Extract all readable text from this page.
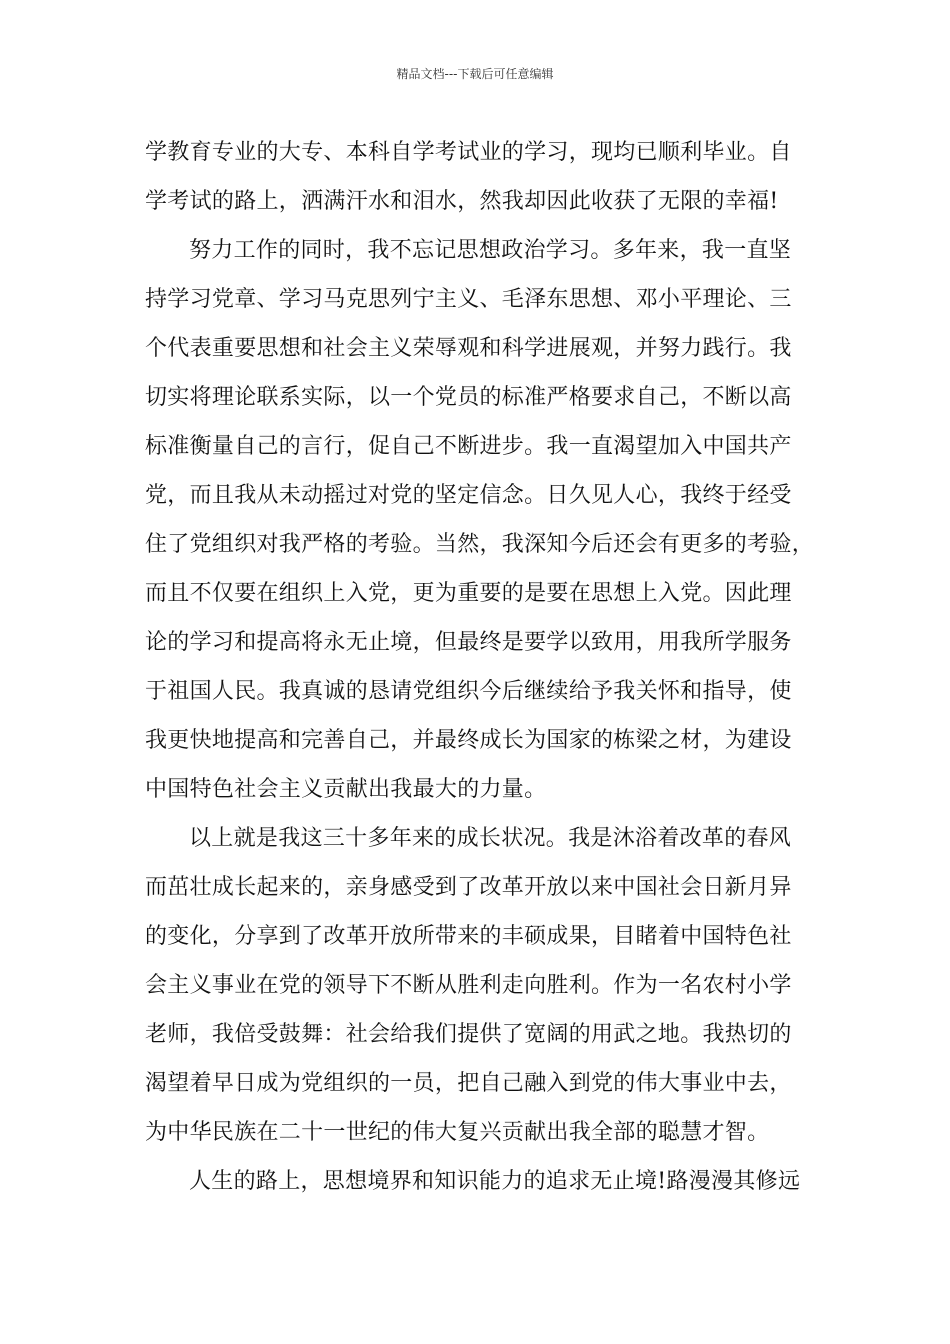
精品文档---下载后可任意编辑
学教育专业的大专、本科自学考试业的学习，现均已顺利毕业。自
学考试的路上，洒满汗水和泪水，然我却因此收获了无限的幸福!
努力工作的同时，我不忘记思想政治学习。多年来，我一直坚
持学习党章、学习马克思列宁主义、毛泽东思想、邓小平理论、三
个代表重要思想和社会主义荣辱观和科学进展观，并努力践行。我
切实将理论联系实际，以一个党员的标准严格要求自己，不断以高
标准衡量自己的言行，促自己不断进步。我一直渴望加入中国共产
党，而且我从未动摇过对党的坚定信念。日久见人心，我终于经受
住了党组织对我严格的考验。当然，我深知今后还会有更多的考验，
而且不仅要在组织上入党，更为重要的是要在思想上入党。因此理
论的学习和提高将永无止境，但最终是要学以致用，用我所学服务
于祖国人民。我真诚的恳请党组织今后继续给予我关怀和指导，使
我更快地提高和完善自己，并最终成长为国家的栋梁之材，为建设
中国特色社会主义贡献出我最大的力量。
以上就是我这三十多年来的成长状况。我是沐浴着改革的春风
而茁壮成长起来的，亲身感受到了改革开放以来中国社会日新月异
的变化，分享到了改革开放所带来的丰硕成果，目睹着中国特色社
会主义事业在党的领导下不断从胜利走向胜利。作为一名农村小学
老师，我倍受鼓舞：社会给我们提供了宽阔的用武之地。我热切的
渴望着早日成为党组织的一员，把自己融入到党的伟大事业中去，
为中华民族在二十一世纪的伟大复兴贡献出我全部的聪慧才智。
人生的路上，思想境界和知识能力的追求无止境!路漫漫其修远
